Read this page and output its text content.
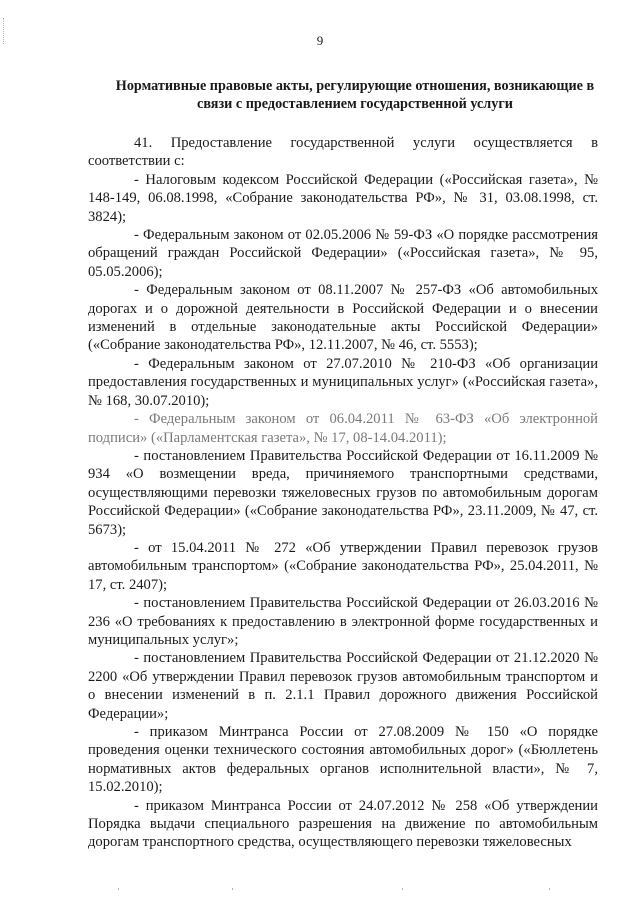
9
Нормативные правовые акты, регулирующие отношения, возникающие в связи с предоставлением государственной услуги

41. Предоставление государственной услуги осуществляется в соответствии с:

- Налоговым кодексом Российской Федерации («Российская газета», № 148-149, 06.08.1998, «Собрание законодательства РФ», № 31, 03.08.1998, ст. 3824);

- Федеральным законом от 02.05.2006 № 59-ФЗ «О порядке рассмотрения обращений граждан Российской Федерации» («Российская газета», № 95, 05.05.2006);

- Федеральным законом от 08.11.2007 № 257-ФЗ «Об автомобильных дорогах и о дорожной деятельности в Российской Федерации и о внесении изменений в отдельные законодательные акты Российской Федерации» («Собрание законодательства РФ», 12.11.2007, № 46, ст. 5553);

- Федеральным законом от 27.07.2010 № 210-ФЗ «Об организации предоставления государственных и муниципальных услуг» («Российская газета», № 168, 30.07.2010);

- Федеральным законом от 06.04.2011 № 63-ФЗ «Об электронной подписи» («Парламентская газета», № 17, 08-14.04.2011);

- постановлением Правительства Российской Федерации от 16.11.2009 № 934 «О возмещении вреда, причиняемого транспортными средствами, осуществляющими перевозки тяжеловесных грузов по автомобильным дорогам Российской Федерации» («Собрание законодательства РФ», 23.11.2009, № 47, ст. 5673);

- от 15.04.2011 № 272 «Об утверждении Правил перевозок грузов автомобильным транспортом» («Собрание законодательства РФ», 25.04.2011, № 17, ст. 2407);

- постановлением Правительства Российской Федерации от 26.03.2016 № 236 «О требованиях к предоставлению в электронной форме государственных и муниципальных услуг»;

- постановлением Правительства Российской Федерации от 21.12.2020 № 2200 «Об утверждении Правил перевозок грузов автомобильным транспортом и о внесении изменений в п. 2.1.1 Правил дорожного движения Российской Федерации»;

- приказом Минтранса России от 27.08.2009 № 150 «О порядке проведения оценки технического состояния автомобильных дорог» («Бюллетень нормативных актов федеральных органов исполнительной власти», № 7, 15.02.2010);

- приказом Минтранса России от 24.07.2012 № 258 «Об утверждении Порядка выдачи специального разрешения на движение по автомобильным дорогам транспортного средства, осуществляющего перевозки тяжеловесных
